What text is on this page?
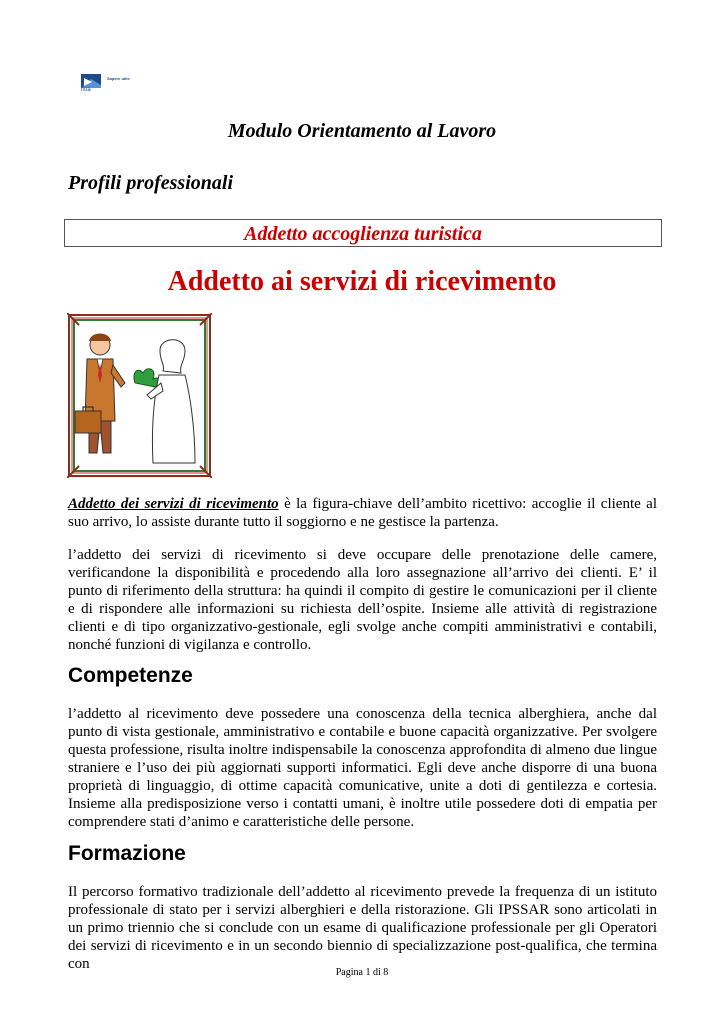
Sapere utile
ifoa
Modulo Orientamento al Lavoro
Profili professionali
Addetto accoglienza turistica
Addetto ai servizi di ricevimento

Addetto dei servizi di ricevimento è la figura-chiave dell’ambito ricettivo: accoglie il cliente al suo arrivo, lo assiste durante tutto il soggiorno e ne gestisce la partenza.

l’addetto dei servizi di ricevimento si deve occupare delle prenotazione delle camere, verificandone la disponibilità e procedendo alla loro assegnazione all’arrivo dei clienti. E’ il punto di riferimento della struttura: ha quindi il compito di gestire le comunicazioni per il cliente e di rispondere alle informazioni su richiesta dell’ospite. Insieme alle attività di registrazione clienti e di tipo organizzativo-gestionale, egli svolge anche compiti amministrativi e contabili, nonché funzioni di vigilanza e controllo.

Competenze

l’addetto al ricevimento deve possedere una conoscenza della tecnica alberghiera, anche dal punto di vista gestionale, amministrativo e contabile e buone capacità organizzative. Per svolgere questa professione, risulta inoltre indispensabile la conoscenza approfondita di almeno due lingue straniere e l’uso dei più aggiornati supporti informatici. Egli deve anche disporre di una buona proprietà di linguaggio, di ottime capacità comunicative, unite a doti di gentilezza e cortesia. Insieme alla predisposizione verso i contatti umani, è inoltre utile possedere doti di empatia per comprendere stati d’animo e caratteristiche delle persone.

Formazione

Il percorso formativo tradizionale dell’addetto al ricevimento prevede la frequenza di un istituto professionale di stato per i servizi alberghieri e della ristorazione. Gli IPSSAR sono articolati in un primo triennio che si conclude con un esame di qualificazione professionale per gli Operatori dei servizi di ricevimento e in un secondo biennio di specializzazione post-qualifica, che termina con

Pagina 1 di 8
